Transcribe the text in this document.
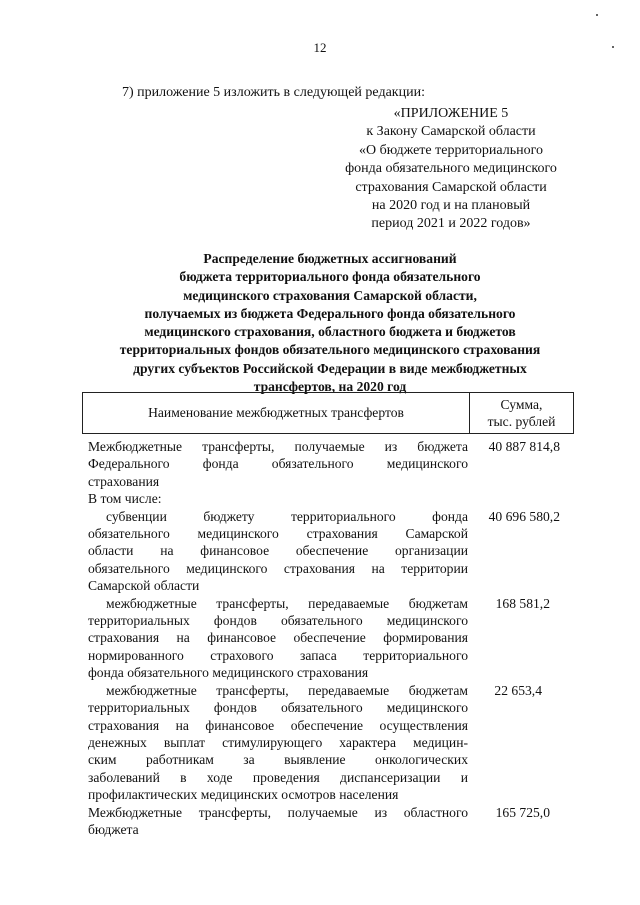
12
7) приложение 5 изложить в следующей редакции:
«ПРИЛОЖЕНИЕ 5
к Закону Самарской области
«О бюджете территориального
фонда обязательного медицинского
страхования Самарской области
на 2020 год и на плановый
период 2021 и 2022 годов»
Распределение бюджетных ассигнований
бюджета территориального фонда обязательного
медицинского страхования Самарской области,
получаемых из бюджета Федерального фонда обязательного
медицинского страхования, областного бюджета и бюджетов
территориальных фондов обязательного медицинского страхования
других субъектов Российской Федерации в виде межбюджетных
трансфертов, на 2020 год
Наименование межбюджетных трансфертов
Сумма,
тыс. рублей
Межбюджетные трансферты, получаемые из бюджета
Федерального фонда обязательного медицинского
страхования
40 887 814,8
В том числе:
субвенции бюджету территориального фонда
обязательного медицинского страхования Самарской
области на финансовое обеспечение организации
обязательного медицинского страхования на территории
Самарской области
40 696 580,2
межбюджетные трансферты, передаваемые бюджетам
территориальных фондов обязательного медицинского
страхования на финансовое обеспечение формирования
нормированного страхового запаса территориального
фонда обязательного медицинского страхования
168 581,2
межбюджетные трансферты, передаваемые бюджетам
территориальных фондов обязательного медицинского
страхования на финансовое обеспечение осуществления
денежных выплат стимулирующего характера медицин-
ским работникам за выявление онкологических
заболеваний в ходе проведения диспансеризации и
профилактических медицинских осмотров населения
22 653,4
Межбюджетные трансферты, получаемые из областного
бюджета
165 725,0
